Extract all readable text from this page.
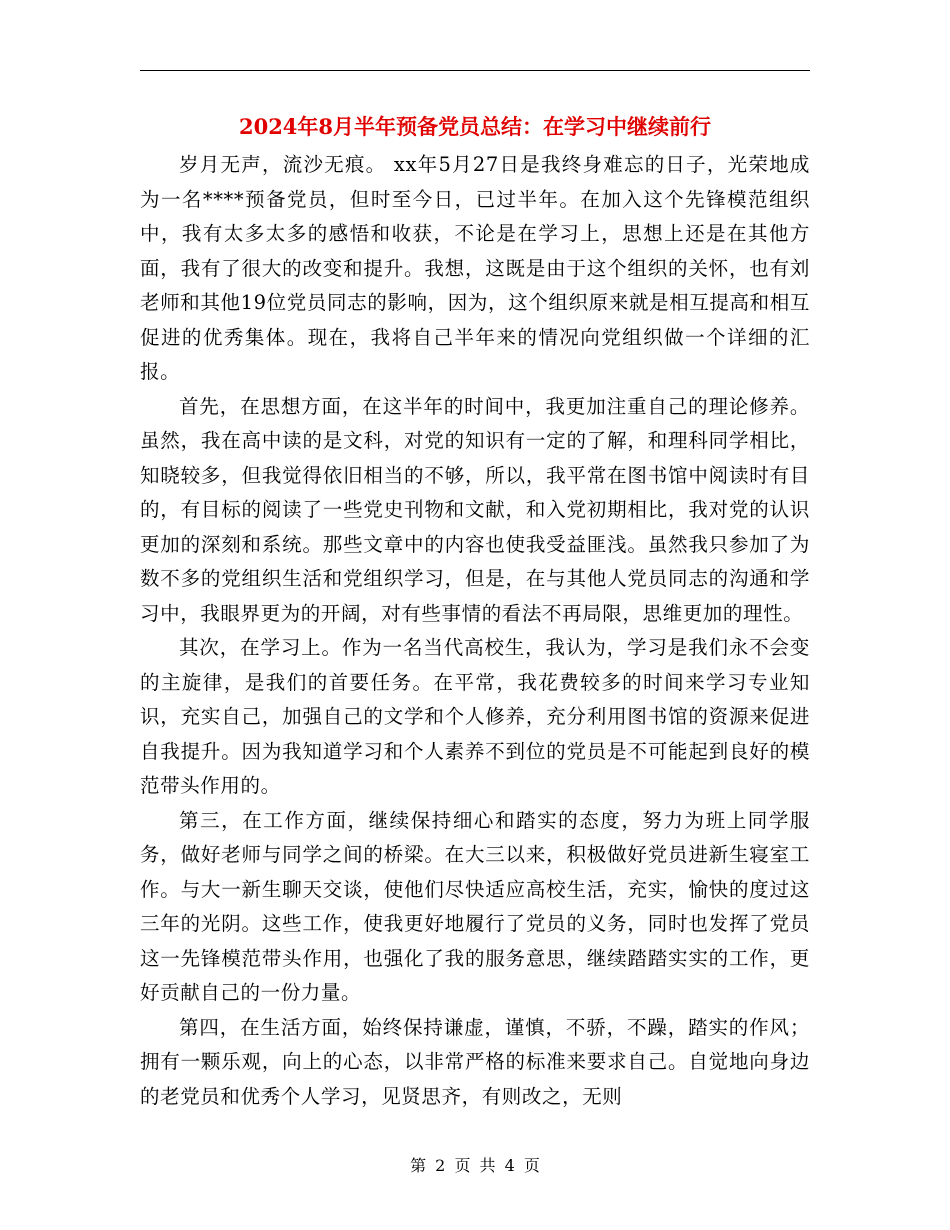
2024年8月半年预备党员总结：在学习中继续前行

岁月无声，流沙无痕。 xx年5月27日是我终身难忘的日子，光荣地成为一名****预备党员，但时至今日，已过半年。在加入这个先锋模范组织中，我有太多太多的感悟和收获，不论是在学习上，思想上还是在其他方面，我有了很大的改变和提升。我想，这既是由于这个组织的关怀，也有刘老师和其他19位党员同志的影响，因为，这个组织原来就是相互提高和相互促进的优秀集体。现在，我将自己半年来的情况向党组织做一个详细的汇报。

首先，在思想方面，在这半年的时间中，我更加注重自己的理论修养。虽然，我在高中读的是文科，对党的知识有一定的了解，和理科同学相比，知晓较多，但我觉得依旧相当的不够，所以，我平常在图书馆中阅读时有目的，有目标的阅读了一些党史刊物和文献，和入党初期相比，我对党的认识更加的深刻和系统。那些文章中的内容也使我受益匪浅。虽然我只参加了为数不多的党组织生活和党组织学习，但是，在与其他人党员同志的沟通和学习中，我眼界更为的开阔，对有些事情的看法不再局限，思维更加的理性。

其次，在学习上。作为一名当代高校生，我认为，学习是我们永不会变的主旋律，是我们的首要任务。在平常，我花费较多的时间来学习专业知识，充实自己，加强自己的文学和个人修养，充分利用图书馆的资源来促进自我提升。因为我知道学习和个人素养不到位的党员是不可能起到良好的模范带头作用的。

第三，在工作方面，继续保持细心和踏实的态度，努力为班上同学服务，做好老师与同学之间的桥梁。在大三以来，积极做好党员进新生寝室工作。与大一新生聊天交谈，使他们尽快适应高校生活，充实，愉快的度过这三年的光阴。这些工作，使我更好地履行了党员的义务，同时也发挥了党员这一先锋模范带头作用，也强化了我的服务意思，继续踏踏实实的工作，更好贡献自己的一份力量。

第四，在生活方面，始终保持谦虚，谨慎，不骄，不躁，踏实的作风；拥有一颗乐观，向上的心态，以非常严格的标准来要求自己。自觉地向身边的老党员和优秀个人学习，见贤思齐，有则改之，无则

第 2 页 共 4 页
